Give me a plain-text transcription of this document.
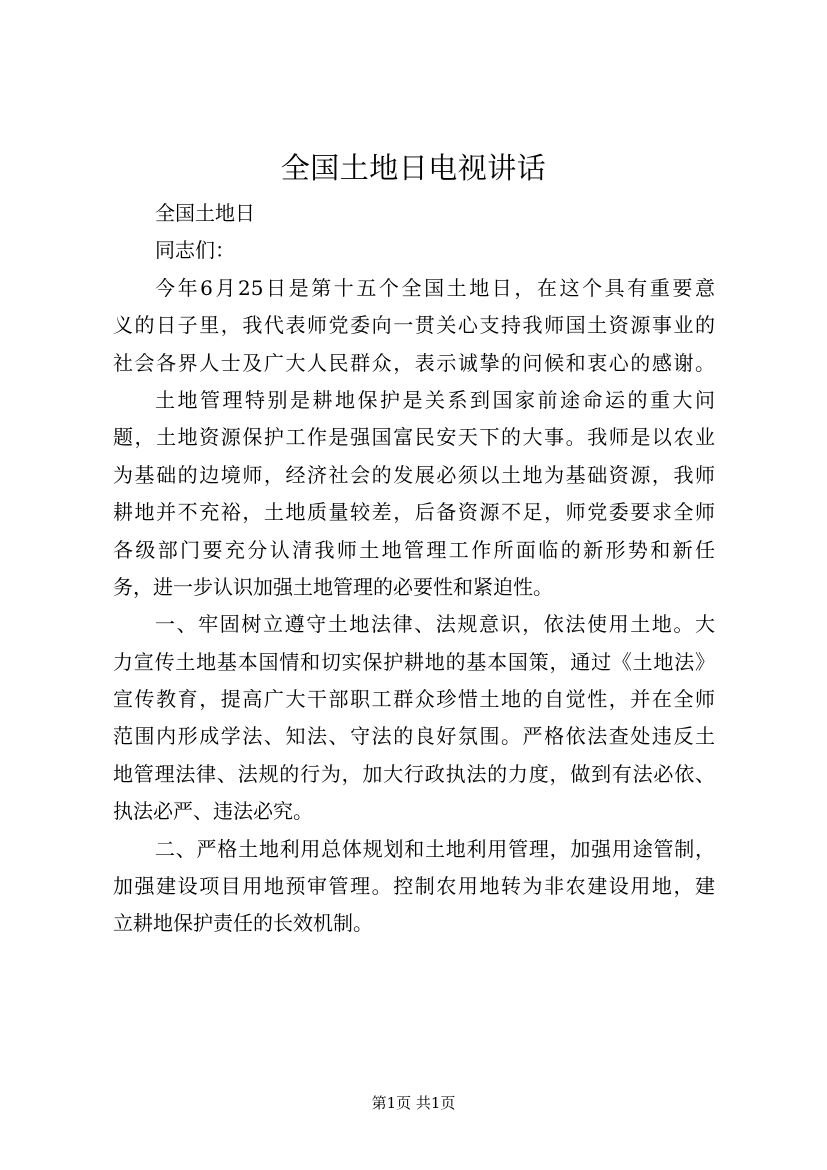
全国土地日电视讲话
全国土地日
同志们：
今年6月25日是第十五个全国土地日，在这个具有重要意
义的日子里，我代表师党委向一贯关心支持我师国土资源事业的
社会各界人士及广大人民群众，表示诚挚的问候和衷心的感谢。
土地管理特别是耕地保护是关系到国家前途命运的重大问
题，土地资源保护工作是强国富民安天下的大事。我师是以农业
为基础的边境师，经济社会的发展必须以土地为基础资源，我师
耕地并不充裕，土地质量较差，后备资源不足，师党委要求全师
各级部门要充分认清我师土地管理工作所面临的新形势和新任
务，进一步认识加强土地管理的必要性和紧迫性。
一、牢固树立遵守土地法律、法规意识，依法使用土地。大
力宣传土地基本国情和切实保护耕地的基本国策，通过《土地法》
宣传教育，提高广大干部职工群众珍惜土地的自觉性，并在全师
范围内形成学法、知法、守法的良好氛围。严格依法查处违反土
地管理法律、法规的行为，加大行政执法的力度，做到有法必依、
执法必严、违法必究。
二、严格土地利用总体规划和土地利用管理，加强用途管制，
加强建设项目用地预审管理。控制农用地转为非农建设用地，建
立耕地保护责任的长效机制。
第1页 共1页
